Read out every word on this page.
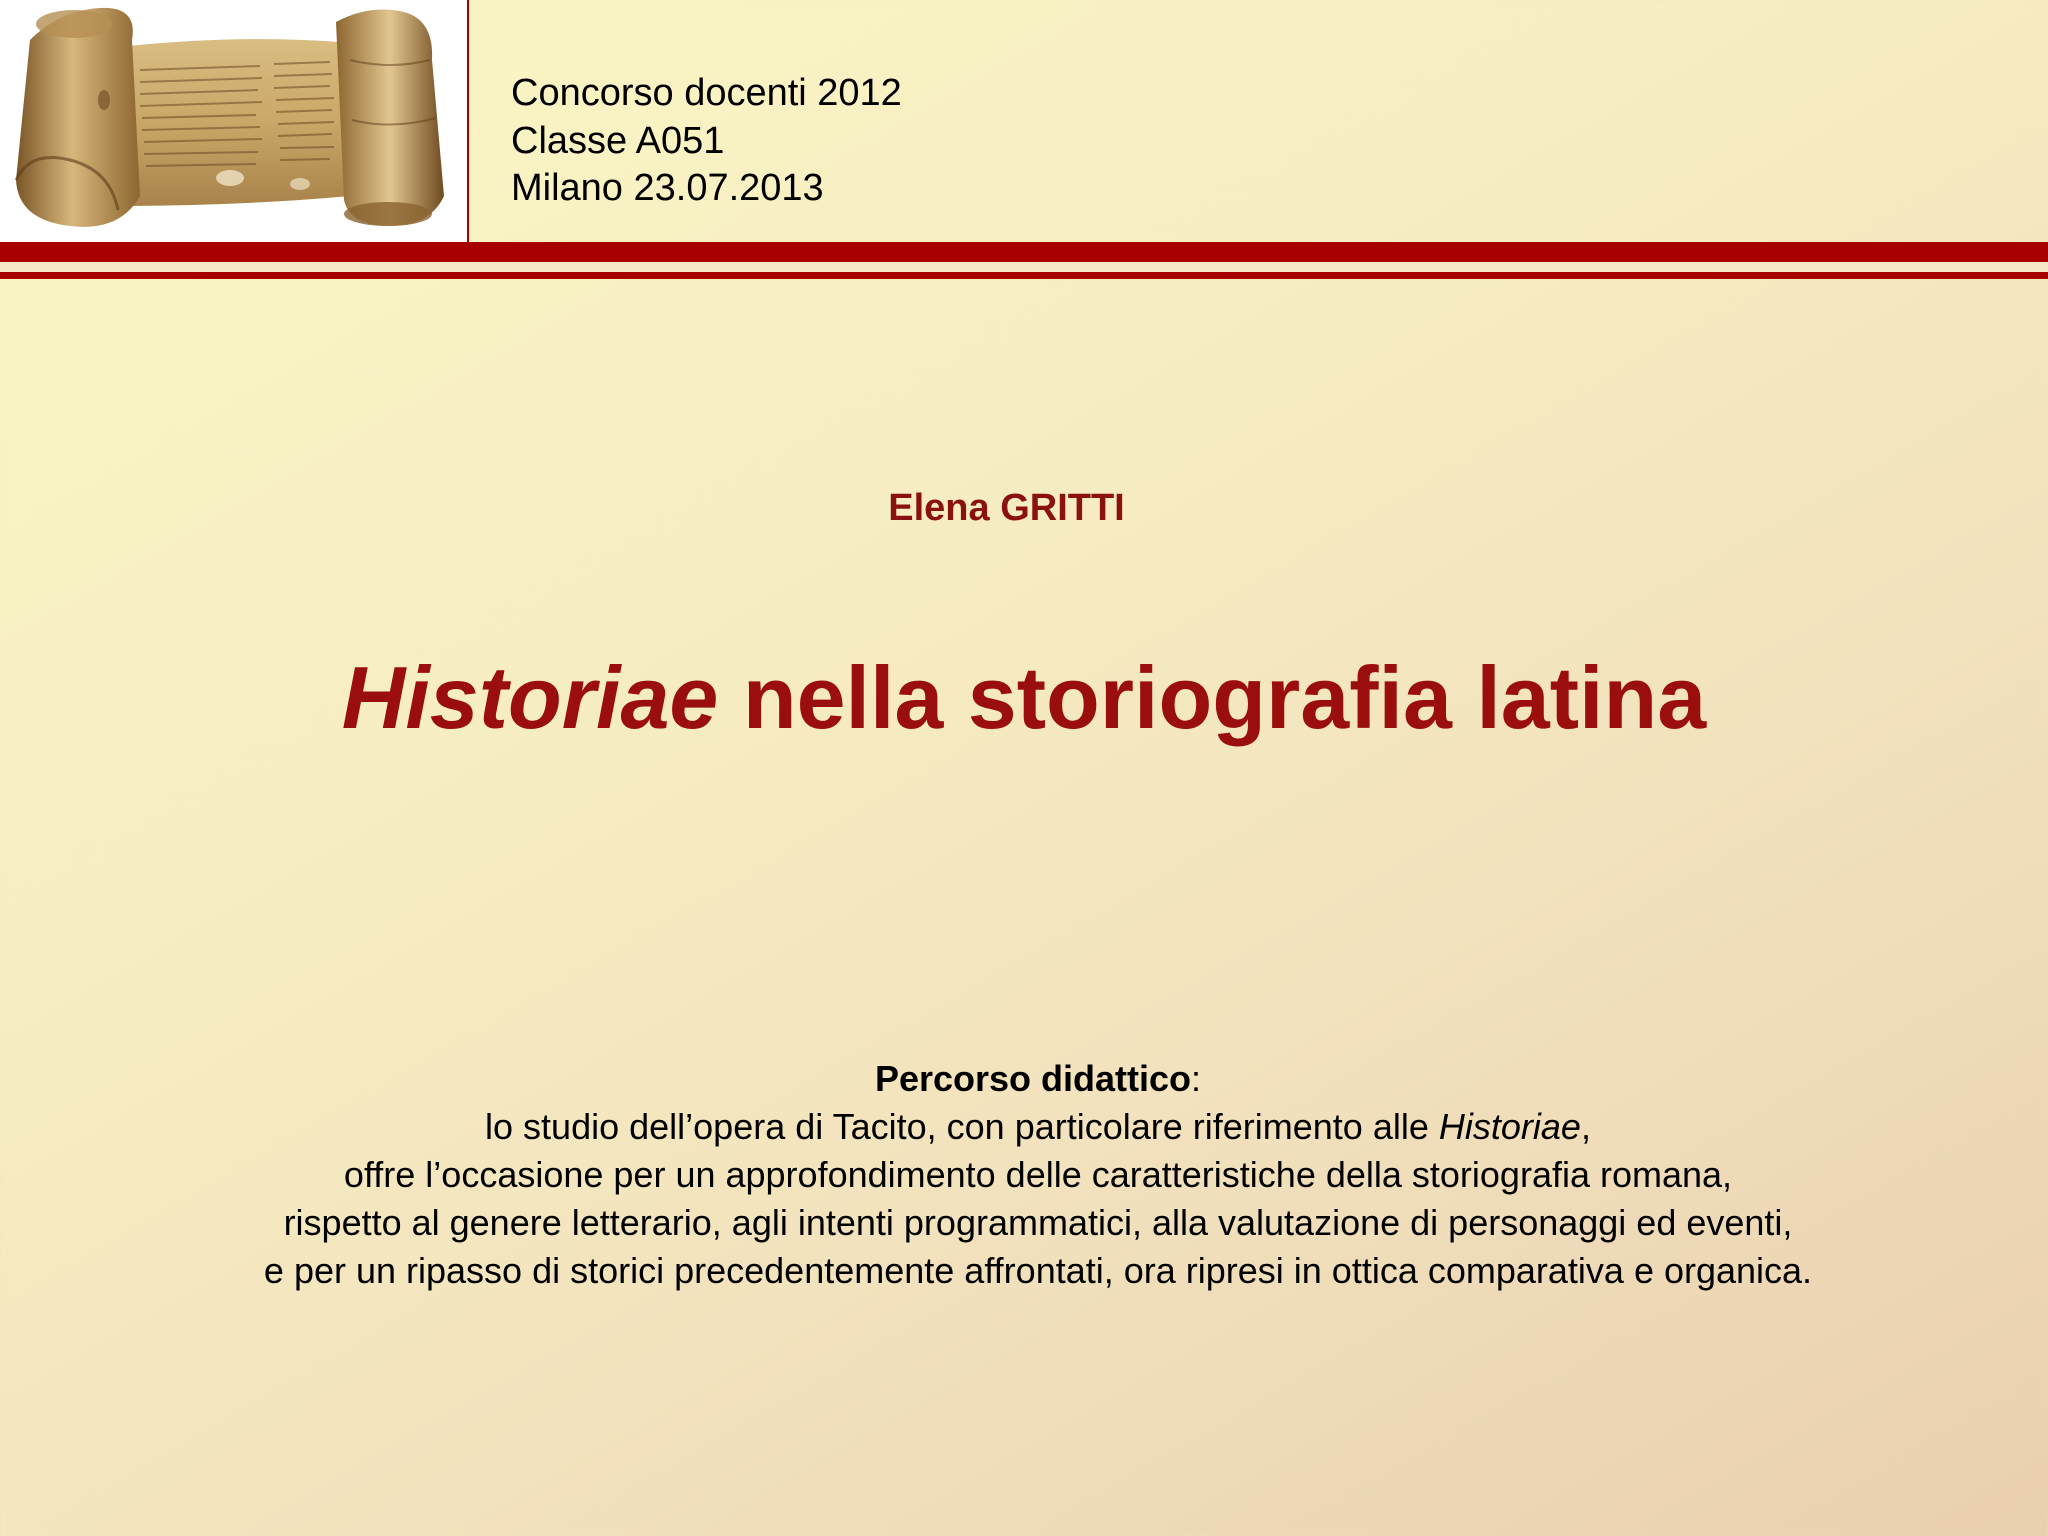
Concorso docenti 2012
Classe A051
Milano 23.07.2013
Elena GRITTI
Historiae nella storiografia latina
Percorso didattico:
lo studio dell’opera di Tacito, con particolare riferimento alle Historiae,
offre l’occasione per un approfondimento delle caratteristiche della storiografia romana,
rispetto al genere letterario, agli intenti programmatici, alla valutazione di personaggi ed eventi,
e per un ripasso di storici precedentemente affrontati, ora ripresi in ottica comparativa e organica.
